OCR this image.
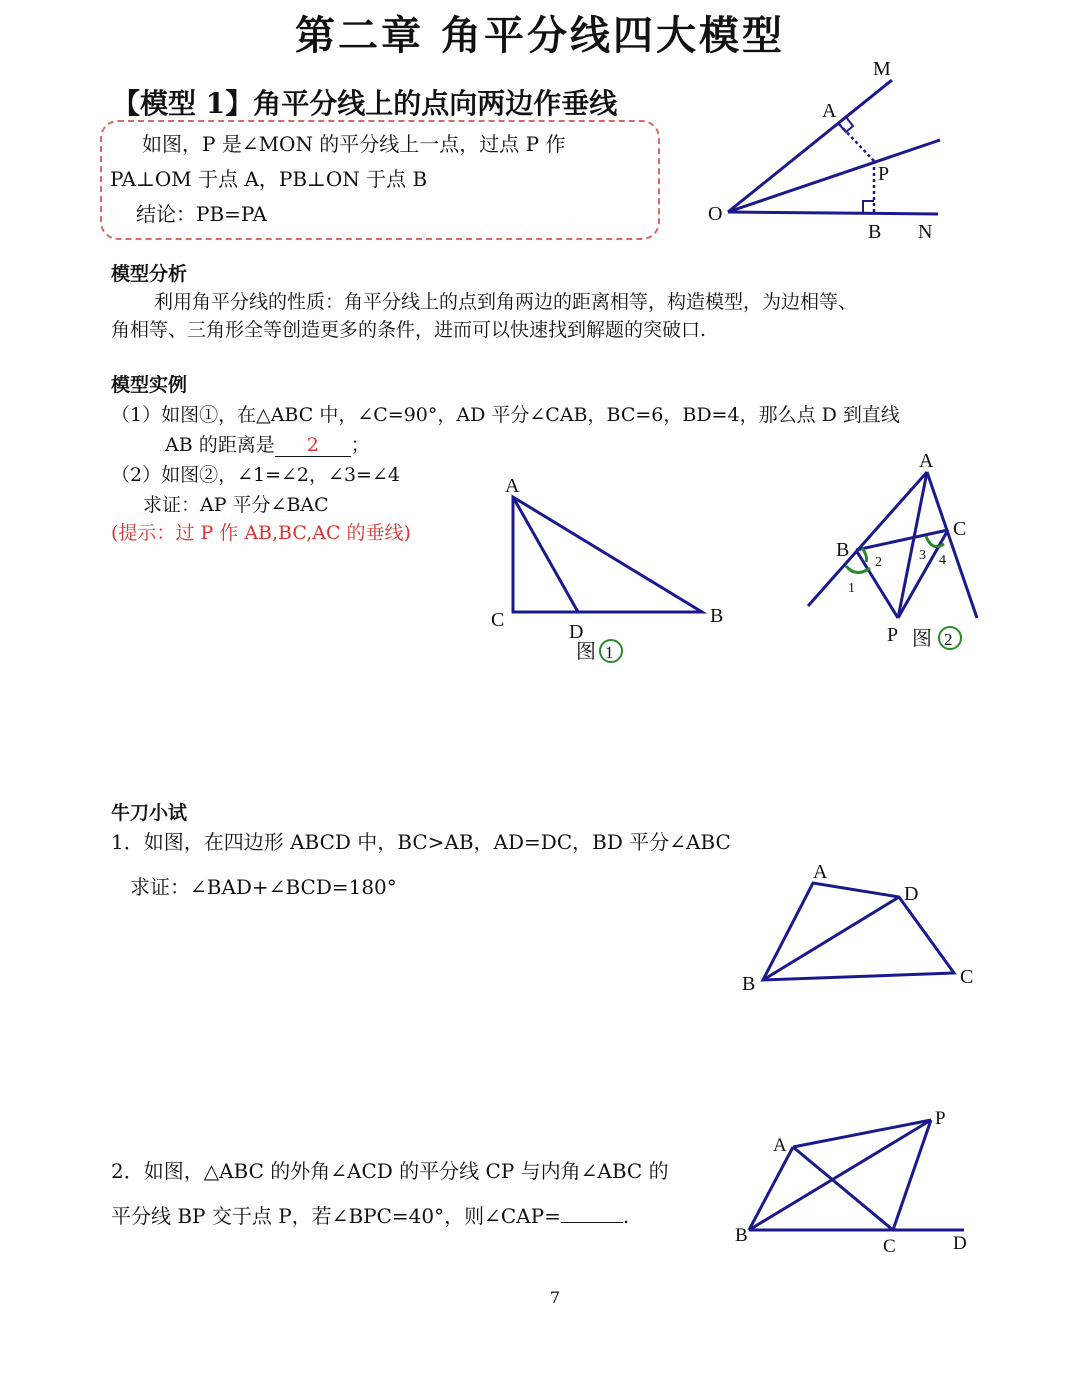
第二章 角平分线四大模型
【模型 1】角平分线上的点向两边作垂线
如图，P 是∠MON 的平分线上一点，过点 P 作
PA⊥OM 于点 A，PB⊥ON 于点 B
结论：PB=PA
模型分析
利用角平分线的性质：角平分线上的点到角两边的距离相等，构造模型，为边相等、
角相等、三角形全等创造更多的条件，进而可以快速找到解题的突破口.
模型实例
（1）如图①，在△ABC 中，∠C=90°，AD 平分∠CAB，BC=6，BD=4，那么点 D 到直线
AB 的距离是 2 ；
（2）如图②，∠1=∠2，∠3=∠4
求证：AP 平分∠BAC
(提示：过 P 作 AB,BC,AC 的垂线)
牛刀小试
1．如图，在四边形 ABCD 中，BC>AB，AD=DC，BD 平分∠ABC
求证：∠BAD+∠BCD=180°
2．如图，△ABC 的外角∠ACD 的平分线 CP 与内角∠ABC 的
平分线 BP 交于点 P，若∠BPC=40°，则∠CAP=	.
7
O
A
M
P
B N
A
C	B
D
图 1
A
B
C
P
1
2	3 4
图 2
A
D
B	C
A
P
B
C	D
